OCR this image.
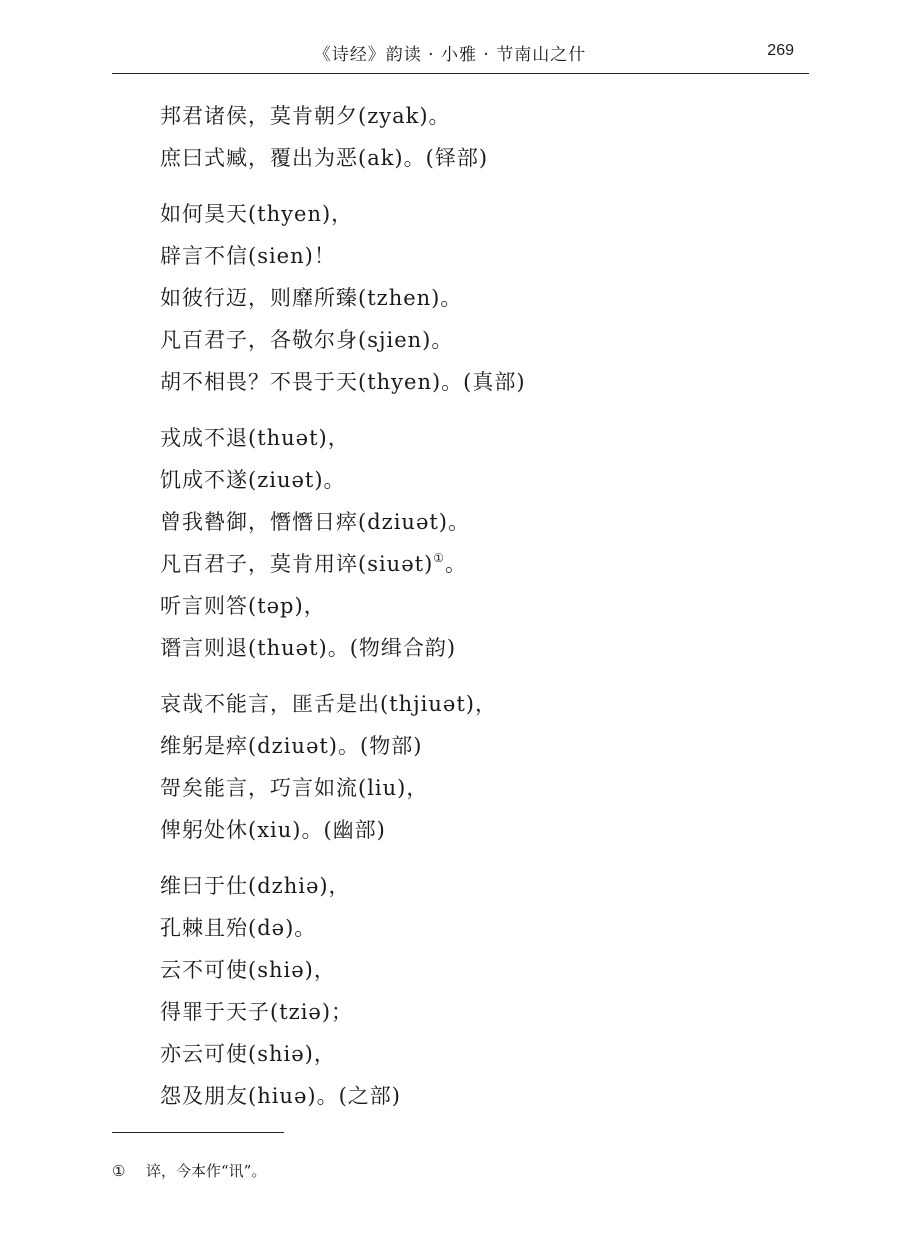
《诗经》韵读 · 小雅 · 节南山之什	269
邦君诸侯，莫肯朝夕(zyak)。
庶曰式臧，覆出为恶(ak)。(铎部)
如何昊天(thyen)，
辟言不信(sien)！
如彼行迈，则靡所臻(tzhen)。
凡百君子，各敬尔身(sjien)。
胡不相畏？不畏于天(thyen)。(真部)
戎成不退(thuət)，
饥成不遂(ziuət)。
曾我暬御，憯憯日瘁(dziuət)。
凡百君子，莫肯用谇(siuət)①。
听言则答(təp)，
谮言则退(thuət)。(物缉合韵)
哀哉不能言，匪舌是出(thjiuət)，
维躬是瘁(dziuət)。(物部)
哿矣能言，巧言如流(liu)，
俾躬处休(xiu)。(幽部)
维曰于仕(dzhiə)，
孔棘且殆(də)。
云不可使(shiə)，
得罪于天子(tziə)；
亦云可使(shiə)，
怨及朋友(hiuə)。(之部)
① 谇，今本作“讯”。
